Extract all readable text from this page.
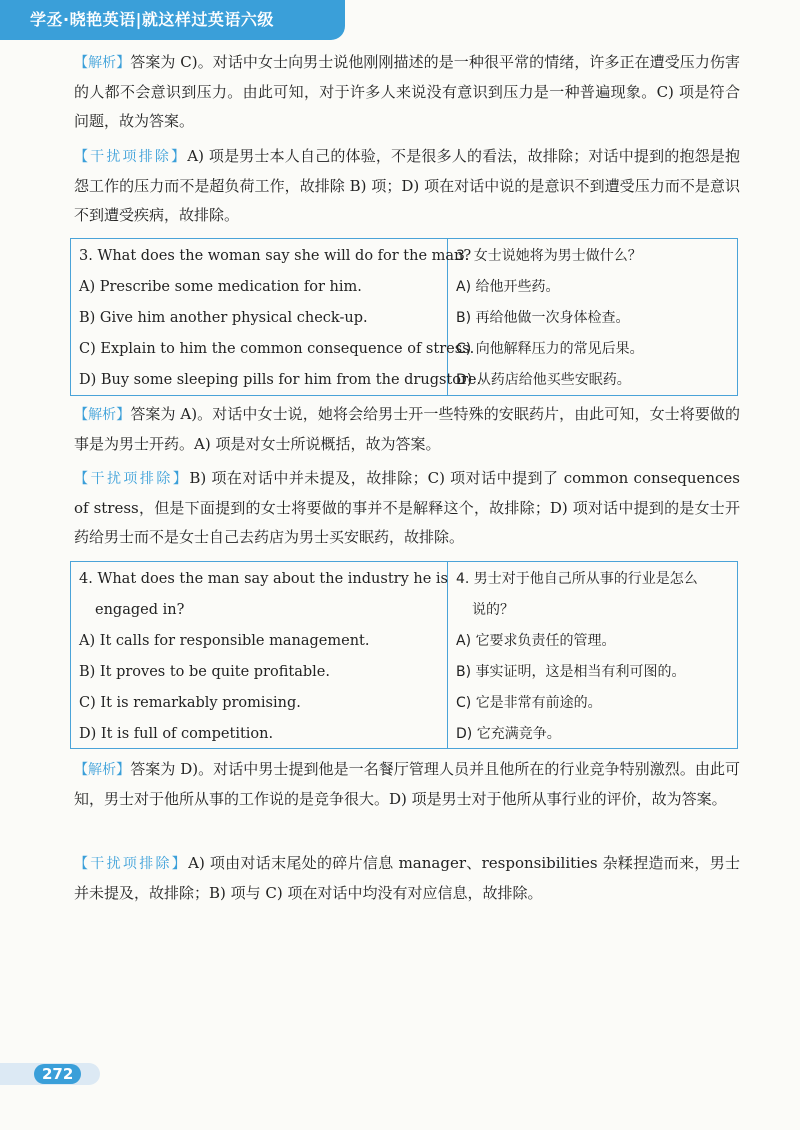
学丞·晓艳英语|就这样过英语六级
【解析】答案为 C)。对话中女士向男士说他刚刚描述的是一种很平常的情绪，许多正在遭受压力伤害的人都不会意识到压力。由此可知，对于许多人来说没有意识到压力是一种普遍现象。C) 项是符合问题，故为答案。
【干扰项排除】A) 项是男士本人自己的体验，不是很多人的看法，故排除；对话中提到的抱怨是抱怨工作的压力而不是超负荷工作，故排除 B) 项；D) 项在对话中说的是意识不到遭受压力而不是意识不到遭受疾病，故排除。
3. What does the woman say she will do for the man?
A) Prescribe some medication for him.
B) Give him another physical check-up.
C) Explain to him the common consequence of stress.
D) Buy some sleeping pills for him from the drugstore.
3. 女士说她将为男士做什么？
A) 给他开些药。
B) 再给他做一次身体检查。
C) 向他解释压力的常见后果。
D) 从药店给他买些安眠药。
【解析】答案为 A)。对话中女士说，她将会给男士开一些特殊的安眠药片，由此可知，女士将要做的事是为男士开药。A) 项是对女士所说概括，故为答案。
【干扰项排除】B) 项在对话中并未提及，故排除；C) 项对话中提到了 common consequences of stress，但是下面提到的女士将要做的事并不是解释这个，故排除；D) 项对话中提到的是女士开药给男士而不是女士自己去药店为男士买安眠药，故排除。
4. What does the man say about the industry he is
engaged in?
A) It calls for responsible management.
B) It proves to be quite profitable.
C) It is remarkably promising.
D) It is full of competition.
4. 男士对于他自己所从事的行业是怎么
说的？
A) 它要求负责任的管理。
B) 事实证明，这是相当有利可图的。
C) 它是非常有前途的。
D) 它充满竞争。
【解析】答案为 D)。对话中男士提到他是一名餐厅管理人员并且他所在的行业竞争特别激烈。由此可知，男士对于他所从事的工作说的是竞争很大。D) 项是男士对于他所从事行业的评价，故为答案。
【干扰项排除】A) 项由对话末尾处的碎片信息 manager、responsibilities 杂糅捏造而来，男士并未提及，故排除；B) 项与 C) 项在对话中均没有对应信息，故排除。
272
